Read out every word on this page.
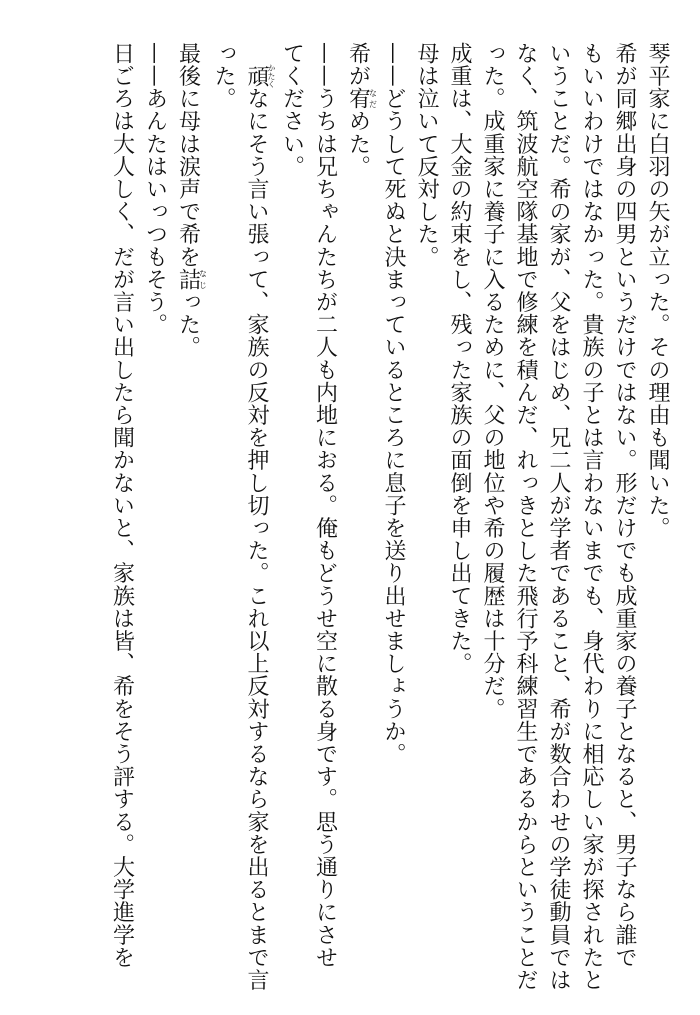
琴平家に白羽の矢が立った。その理由も聞いた。

希が同郷出身の四男というだけではない。形だけでも成重家の養子となると、男子なら誰で

もいいわけではなかった。貴族の子とは言わないまでも、身代わりに相応しい家が探されたと

いうことだ。希の家が、父をはじめ、兄二人が学者であること、希が数合わせの学徒動員では

なく、筑波航空隊基地で修練を積んだ、れっきとした飛行予科練習生であるからということだ

った。成重家に養子に入るために、父の地位や希の履歴は十分だ。

成重は、大金の約束をし、残った家族の面倒を申し出てきた。

母は泣いて反対した。

——どうして死ぬと決まっているところに息子を送り出せましょうか。

希が宥なだめた。

——うちは兄ちゃんたちが二人も内地におる。俺もどうせ空に散る身です。思う通りにさせ

てください。

　頑かたくなにそう言い張って、家族の反対を押し切った。これ以上反対するなら家を出るとまで言

った。

最後に母は涙声で希を詰なじった。

——あんたはいっつもそう。

日ごろは大人しく、だが言い出したら聞かないと、家族は皆、希をそう評する。大学進学を
